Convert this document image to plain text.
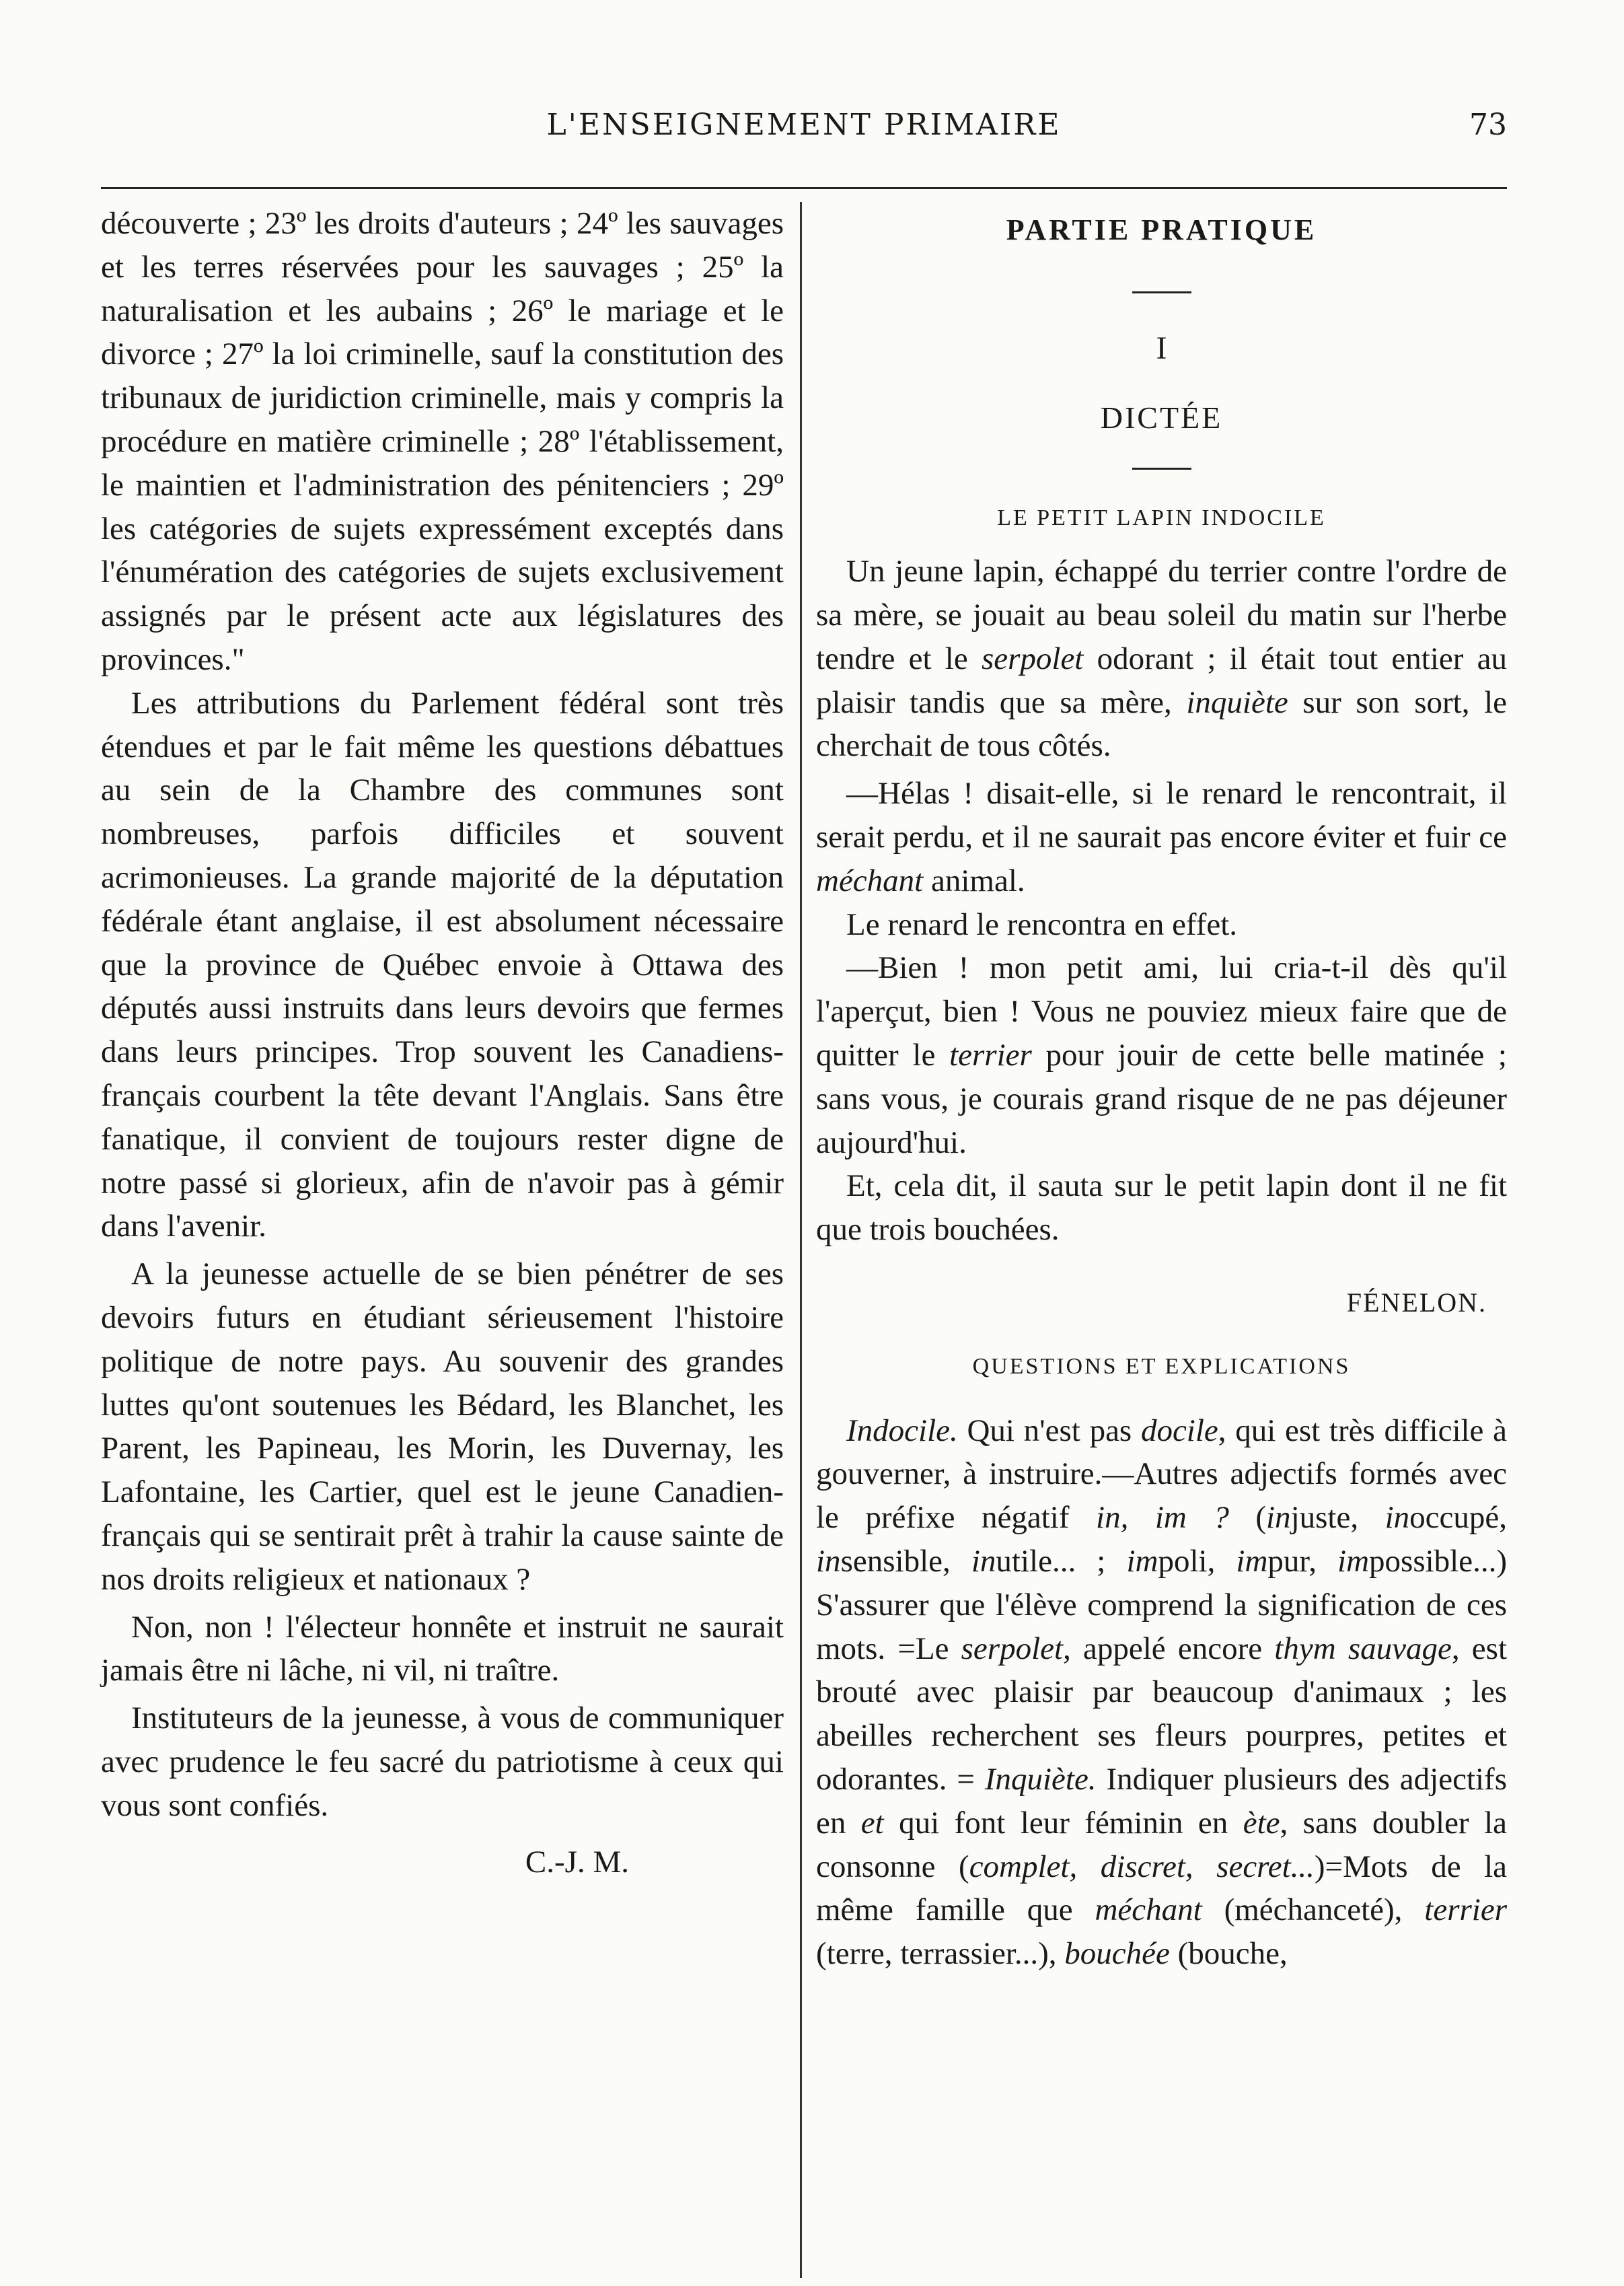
L'ENSEIGNEMENT PRIMAIRE	73

découverte ; 23º les droits d'auteurs ; 24º les sauvages et les terres réservées pour les sauvages ; 25º la naturalisation et les aubains ; 26º le mariage et le divorce ; 27º la loi criminelle, sauf la constitution des tribunaux de juridiction criminelle, mais y compris la procédure en matière criminelle ; 28º l'établissement, le maintien et l'administration des pénitenciers ; 29º les catégories de sujets expressément exceptés dans l'énumération des catégories de sujets exclusivement assignés par le présent acte aux législatures des provinces."

Les attributions du Parlement fédéral sont très étendues et par le fait même les questions débattues au sein de la Chambre des communes sont nombreuses, parfois difficiles et souvent acrimonieuses. La grande majorité de la députation fédérale étant anglaise, il est absolument nécessaire que la province de Québec envoie à Ottawa des députés aussi instruits dans leurs devoirs que fermes dans leurs principes. Trop souvent les Canadiens-français courbent la tête devant l'Anglais. Sans être fanatique, il convient de toujours rester digne de notre passé si glorieux, afin de n'avoir pas à gémir dans l'avenir.

A la jeunesse actuelle de se bien pénétrer de ses devoirs futurs en étudiant sérieusement l'histoire politique de notre pays. Au souvenir des grandes luttes qu'ont soutenues les Bédard, les Blanchet, les Parent, les Papineau, les Morin, les Duvernay, les Lafontaine, les Cartier, quel est le jeune Canadien-français qui se sentirait prêt à trahir la cause sainte de nos droits religieux et nationaux ?

Non, non ! l'électeur honnête et instruit ne saurait jamais être ni lâche, ni vil, ni traître.

Instituteurs de la jeunesse, à vous de communiquer avec prudence le feu sacré du patriotisme à ceux qui vous sont confiés.

C.-J. M.

PARTIE PRATIQUE

I

DICTÉE

LE PETIT LAPIN INDOCILE

Un jeune lapin, échappé du terrier contre l'ordre de sa mère, se jouait au beau soleil du matin sur l'herbe tendre et le serpolet odorant ; il était tout entier au plaisir tandis que sa mère, inquiète sur son sort, le cherchait de tous côtés.

—Hélas ! disait-elle, si le renard le rencontrait, il serait perdu, et il ne saurait pas encore éviter et fuir ce méchant animal.

Le renard le rencontra en effet.

—Bien ! mon petit ami, lui cria-t-il dès qu'il l'aperçut, bien ! Vous ne pouviez mieux faire que de quitter le terrier pour jouir de cette belle matinée ; sans vous, je courais grand risque de ne pas déjeuner aujourd'hui.

Et, cela dit, il sauta sur le petit lapin dont il ne fit que trois bouchées.

FÉNELON.

QUESTIONS ET EXPLICATIONS

Indocile. Qui n'est pas docile, qui est très difficile à gouverner, à instruire.—Autres adjectifs formés avec le préfixe négatif in, im ? (injuste, inoccupé, insensible, inutile... ; impoli, impur, impossible...) S'assurer que l'élève comprend la signification de ces mots. =Le serpolet, appelé encore thym sauvage, est brouté avec plaisir par beaucoup d'animaux ; les abeilles recherchent ses fleurs pourpres, petites et odorantes. = Inquiète. Indiquer plusieurs des adjectifs en et qui font leur féminin en ète, sans doubler la consonne (complet, discret, secret...)=Mots de la même famille que méchant (méchanceté), terrier (terre, terrassier...), bouchée (bouche,
